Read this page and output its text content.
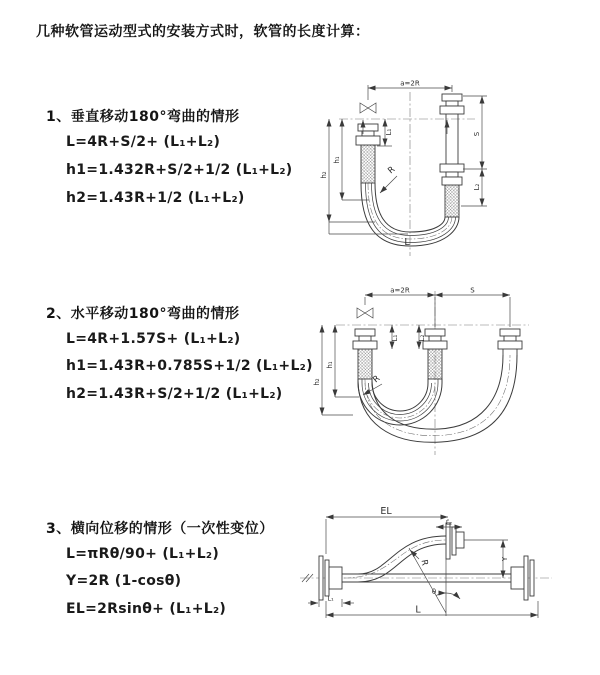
几种软管运动型式的安装方式时，软管的长度计算：
1、垂直移动180°弯曲的情形
L=4R+S/2+ (L₁+L₂)
h1=1.432R+S/2+1/2 (L₁+L₂)
h2=1.43R+1/2 (L₁+L₂)
2、水平移动180°弯曲的情形
L=4R+1.57S+ (L₁+L₂)
h1=1.43R+0.785S+1/2 (L₁+L₂)
h2=1.43R+S/2+1/2 (L₁+L₂)
3、横向位移的情形（一次性变位）
L=πRθ/90+ (L₁+L₂)
Y=2R (1-cosθ)
EL=2Rsinθ+ (L₁+L₂)
a=2R
S
L₂
L₁
h₁
h₂	R
L
a=2R	S
h₁
h₂
L₁	L₂
R
EL
L₂
Y
L
L₁
R
θ
